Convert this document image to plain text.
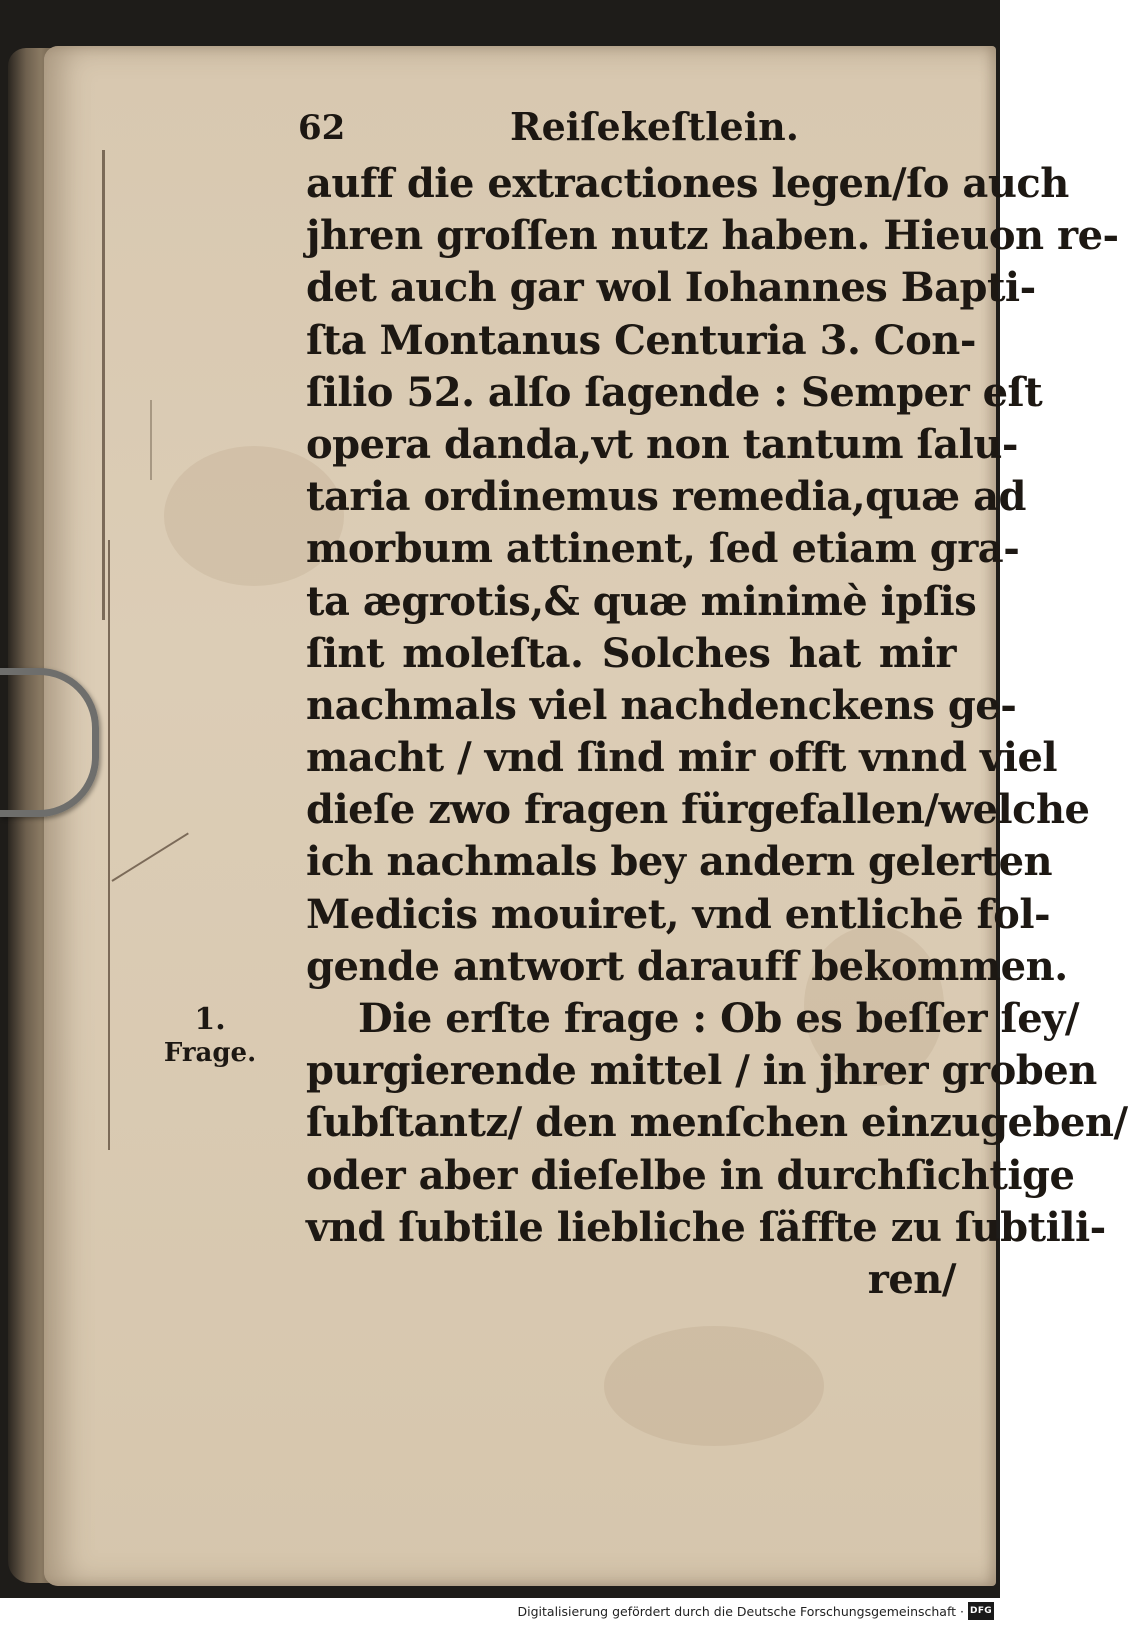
62	Reiſekeſtlein.
auff die extractiones legen/ſo auch
jhren groſſen nutz haben. Hieuon re-
det auch gar wol Iohannes Bapti-
ſta Montanus Centuria 3. Con-
ſilio 52. alſo ſagende : Semper eſt
opera danda,vt non tantum ſalu-
taria ordinemus remedia,quæ ad
morbum attinent, ſed etiam gra-
ta ægrotis,& quæ minimè ipſis
ſint moleſta. Solches hat mir
nachmals viel nachdenckens ge-
macht / vnd ſind mir offt vnnd viel
dieſe zwo fragen fürgefallen/welche
ich nachmals bey andern gelerten
Medicis mouiret, vnd entlichē fol-
gende antwort darauff bekommen.
Die erſte frage : Ob es beſſer ſey/
purgierende mittel / in jhrer groben
ſubſtantz/ den menſchen einzugeben/
oder aber dieſelbe in durchſichtige
vnd ſubtile liebliche ſäffte zu ſubtili-
ren/
1.
Frage.
Digitalisierung gefördert durch die Deutsche Forschungsgemeinschaft · DFG
